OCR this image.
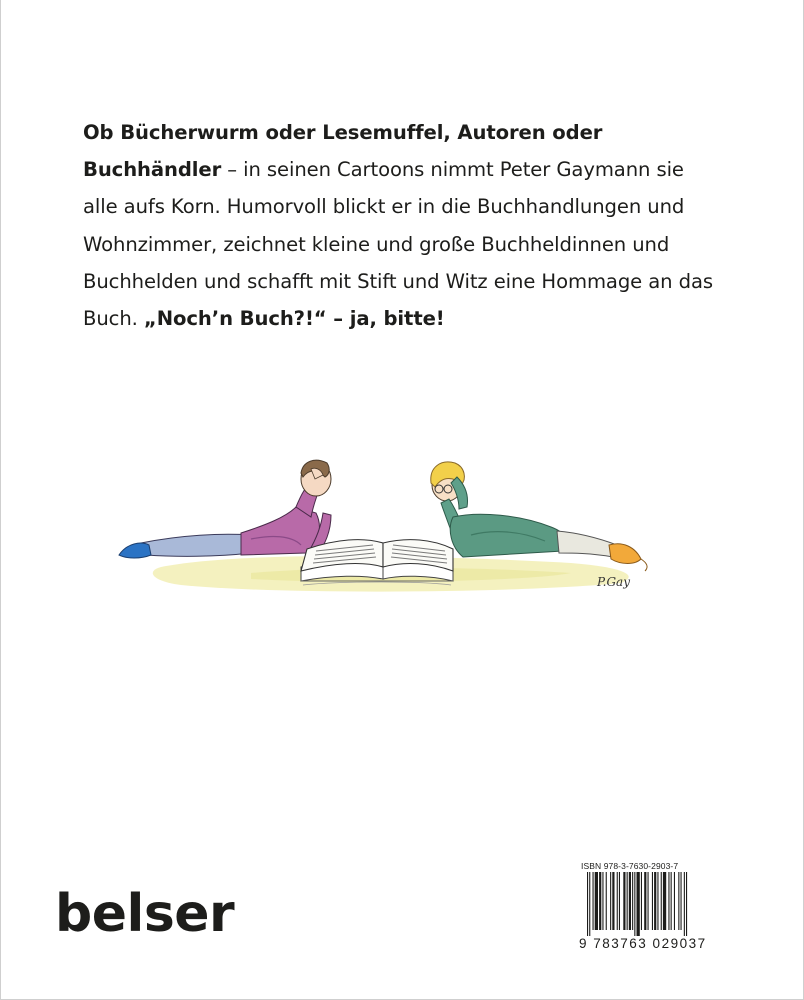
Ob Bücherwurm oder Lesemuffel, Autoren oder Buchhändler – in seinen Cartoons nimmt Peter Gaymann sie alle aufs Korn. Humorvoll blickt er in die Buchhandlungen und Wohnzimmer, zeichnet kleine und große Buchheldinnen und Buchhelden und schafft mit Stift und Witz eine Hommage an das Buch. „Noch’n Buch?!“ – ja, bitte!

P.Gay
belser
ISBN 978-3-7630-2903-7
9 783763 029037
